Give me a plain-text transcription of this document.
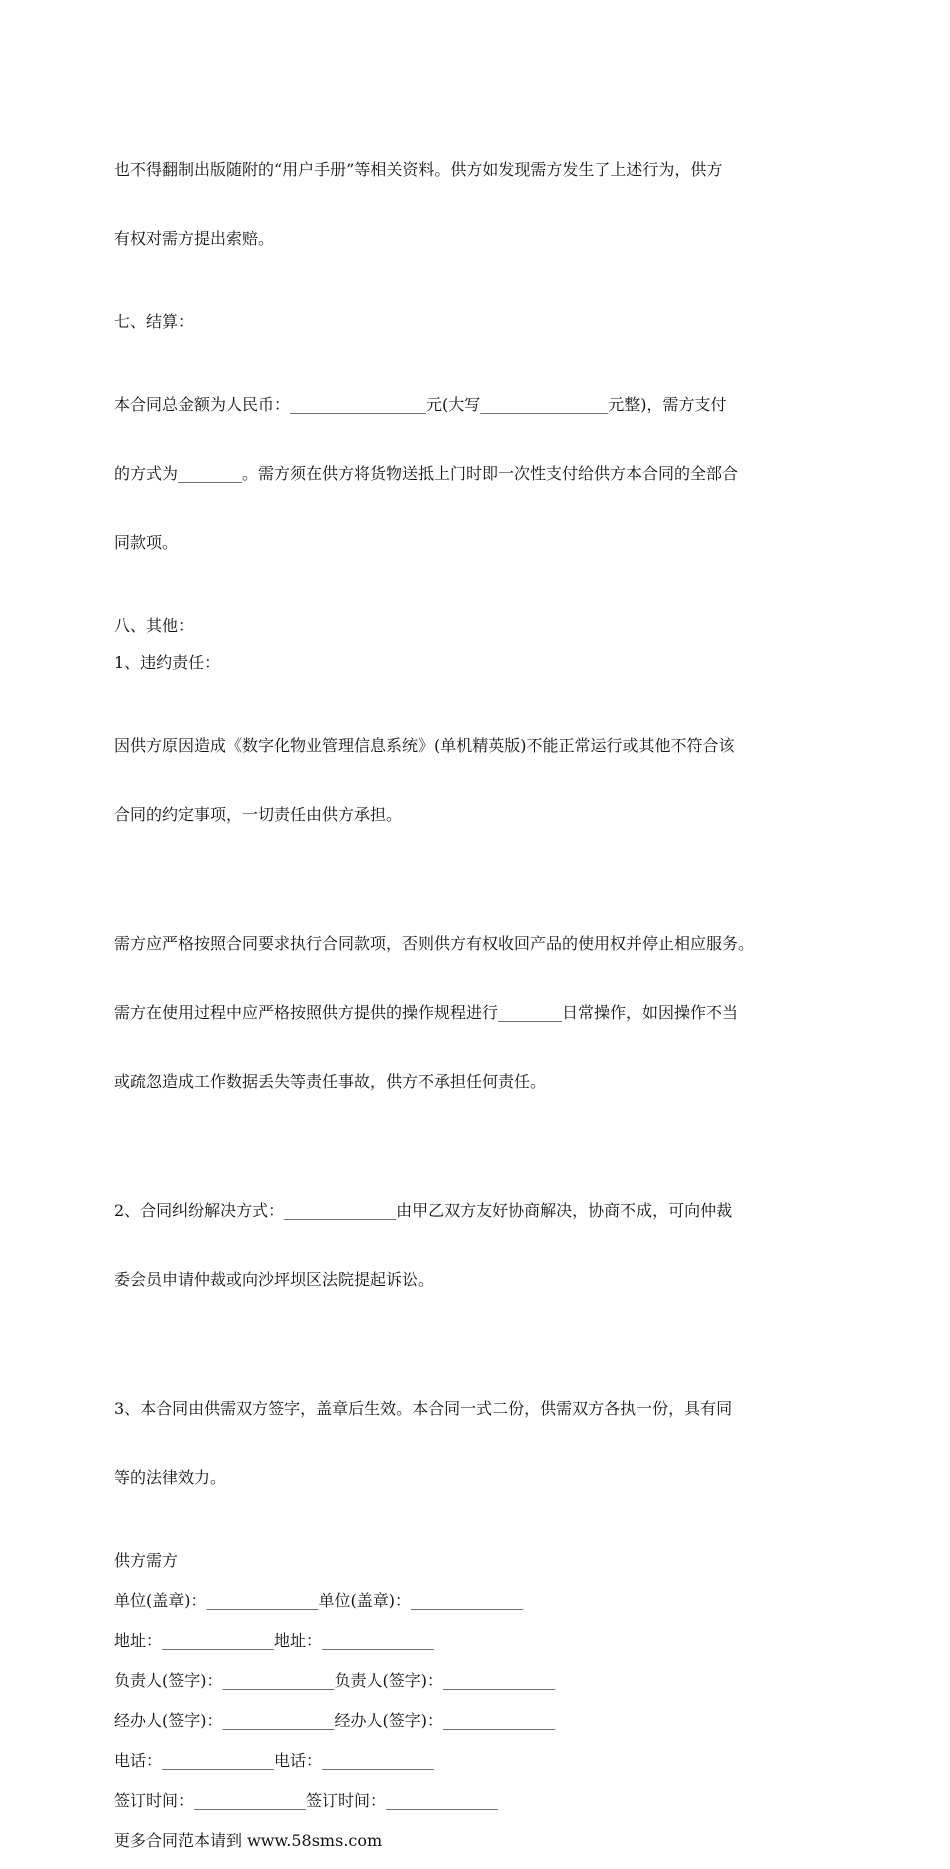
也不得翻制出版随附的“用户手册”等相关资料。供方如发现需方发生了上述行为，供方

有权对需方提出索赔。

七、结算：

本合同总金额为人民币：_________________元(大写________________元整)，需方支付

的方式为________。需方须在供方将货物送抵上门时即一次性支付给供方本合同的全部合

同款项。

八、其他：

1、违约责任：

因供方原因造成《数字化物业管理信息系统》(单机精英版)不能正常运行或其他不符合该

合同的约定事项，一切责任由供方承担。

需方应严格按照合同要求执行合同款项，否则供方有权收回产品的使用权并停止相应服务。

需方在使用过程中应严格按照供方提供的操作规程进行________日常操作，如因操作不当

或疏忽造成工作数据丢失等责任事故，供方不承担任何责任。

2、合同纠纷解决方式：______________由甲乙双方友好协商解决，协商不成，可向仲裁

委会员申请仲裁或向沙坪坝区法院提起诉讼。

3、本合同由供需双方签字，盖章后生效。本合同一式二份，供需双方各执一份，具有同

等的法律效力。

供方需方

单位(盖章)：______________单位(盖章)：______________

地址：______________地址：______________

负责人(签字)：______________负责人(签字)：______________

经办人(签字)：______________经办人(签字)：______________

电话：______________电话：______________

签订时间：______________签订时间：______________

更多合同范本请到 www.58sms.com
